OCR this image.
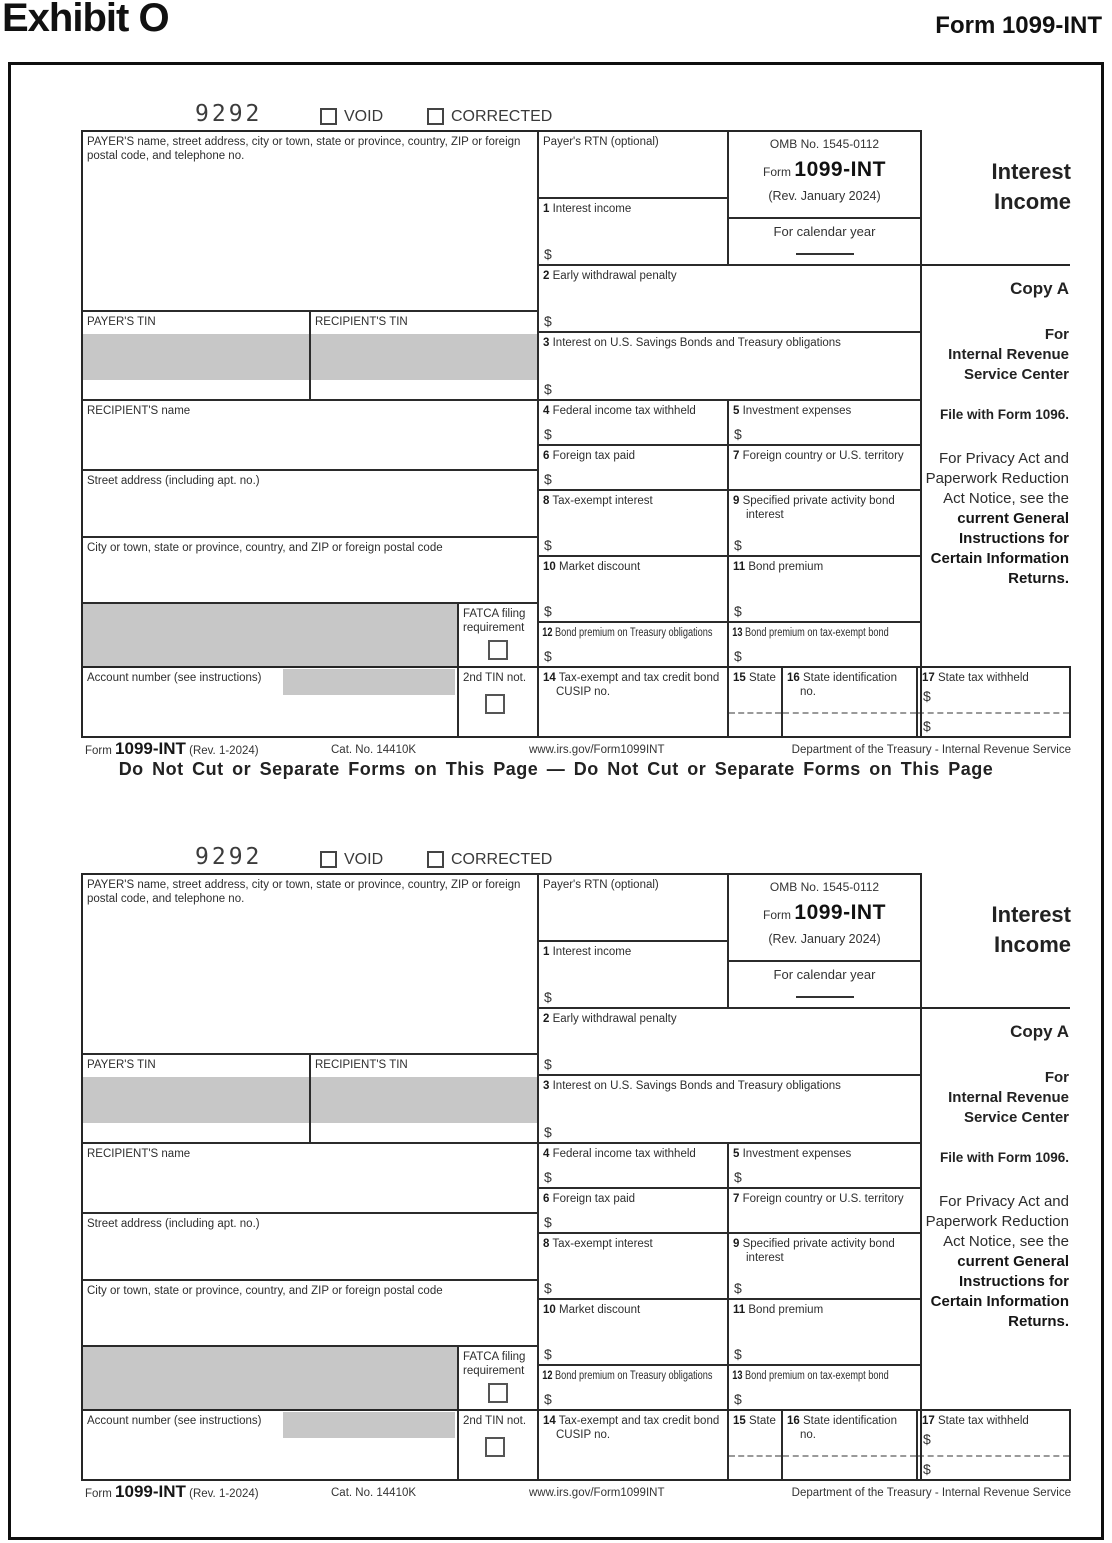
Exhibit O	Form 1099-INT
9292	VOID	CORRECTED
PAYER'S name, street address, city or town, state or province, country, ZIP or foreign postal code, and telephone no.
PAYER'S TIN	RECIPIENT'S TIN
RECIPIENT'S name
Street address (including apt. no.)
City or town, state or province, country, and ZIP or foreign postal code
FATCA filing requirement
Account number (see instructions)	2nd TIN not.
Payer's RTN (optional)
1 Interest income
$
OMB No. 1545-0112
Form 1099-INT
(Rev. January 2024)
For calendar year
2 Early withdrawal penalty
$
3 Interest on U.S. Savings Bonds and Treasury obligations
$
4 Federal income tax withheld
$
5 Investment expenses
$
6 Foreign tax paid
$
7 Foreign country or U.S. territory
8 Tax-exempt interest
$
9 Specified private activity bond interest
$
10 Market discount
$
11 Bond premium
$
12 Bond premium on Treasury obligations
$
13 Bond premium on tax-exempt bond
$
14 Tax-exempt and tax credit bond CUSIP no.
15 State 16 State identification no.
17 State tax withheld
$
$
Interest
Income
Copy A
For
Internal Revenue
Service Center
File with Form 1096.
For Privacy Act and Paperwork Reduction Act Notice, see the current General Instructions for Certain Information Returns.
Form 1099-INT (Rev. 1-2024)	Cat. No. 14410K	www.irs.gov/Form1099INT	Department of the Treasury - Internal Revenue Service
Do Not Cut or Separate Forms on This Page — Do Not Cut or Separate Forms on This Page
9292	VOID	CORRECTED
PAYER'S name, street address, city or town, state or province, country, ZIP or foreign postal code, and telephone no.
PAYER'S TIN	RECIPIENT'S TIN
RECIPIENT'S name
Street address (including apt. no.)
City or town, state or province, country, and ZIP or foreign postal code
FATCA filing requirement
Account number (see instructions)	2nd TIN not.
Payer's RTN (optional)
1 Interest income
$
OMB No. 1545-0112
Form 1099-INT
(Rev. January 2024)
For calendar year
2 Early withdrawal penalty
$
3 Interest on U.S. Savings Bonds and Treasury obligations
$
4 Federal income tax withheld
$
5 Investment expenses
$
6 Foreign tax paid
$
7 Foreign country or U.S. territory
8 Tax-exempt interest
$
9 Specified private activity bond interest
$
10 Market discount
$
11 Bond premium
$
12 Bond premium on Treasury obligations
$
13 Bond premium on tax-exempt bond
$
14 Tax-exempt and tax credit bond CUSIP no.
15 State 16 State identification no.
17 State tax withheld
$
$
Interest
Income
Copy A
For
Internal Revenue
Service Center
File with Form 1096.
For Privacy Act and Paperwork Reduction Act Notice, see the current General Instructions for Certain Information Returns.
Form 1099-INT (Rev. 1-2024)	Cat. No. 14410K	www.irs.gov/Form1099INT	Department of the Treasury - Internal Revenue Service
